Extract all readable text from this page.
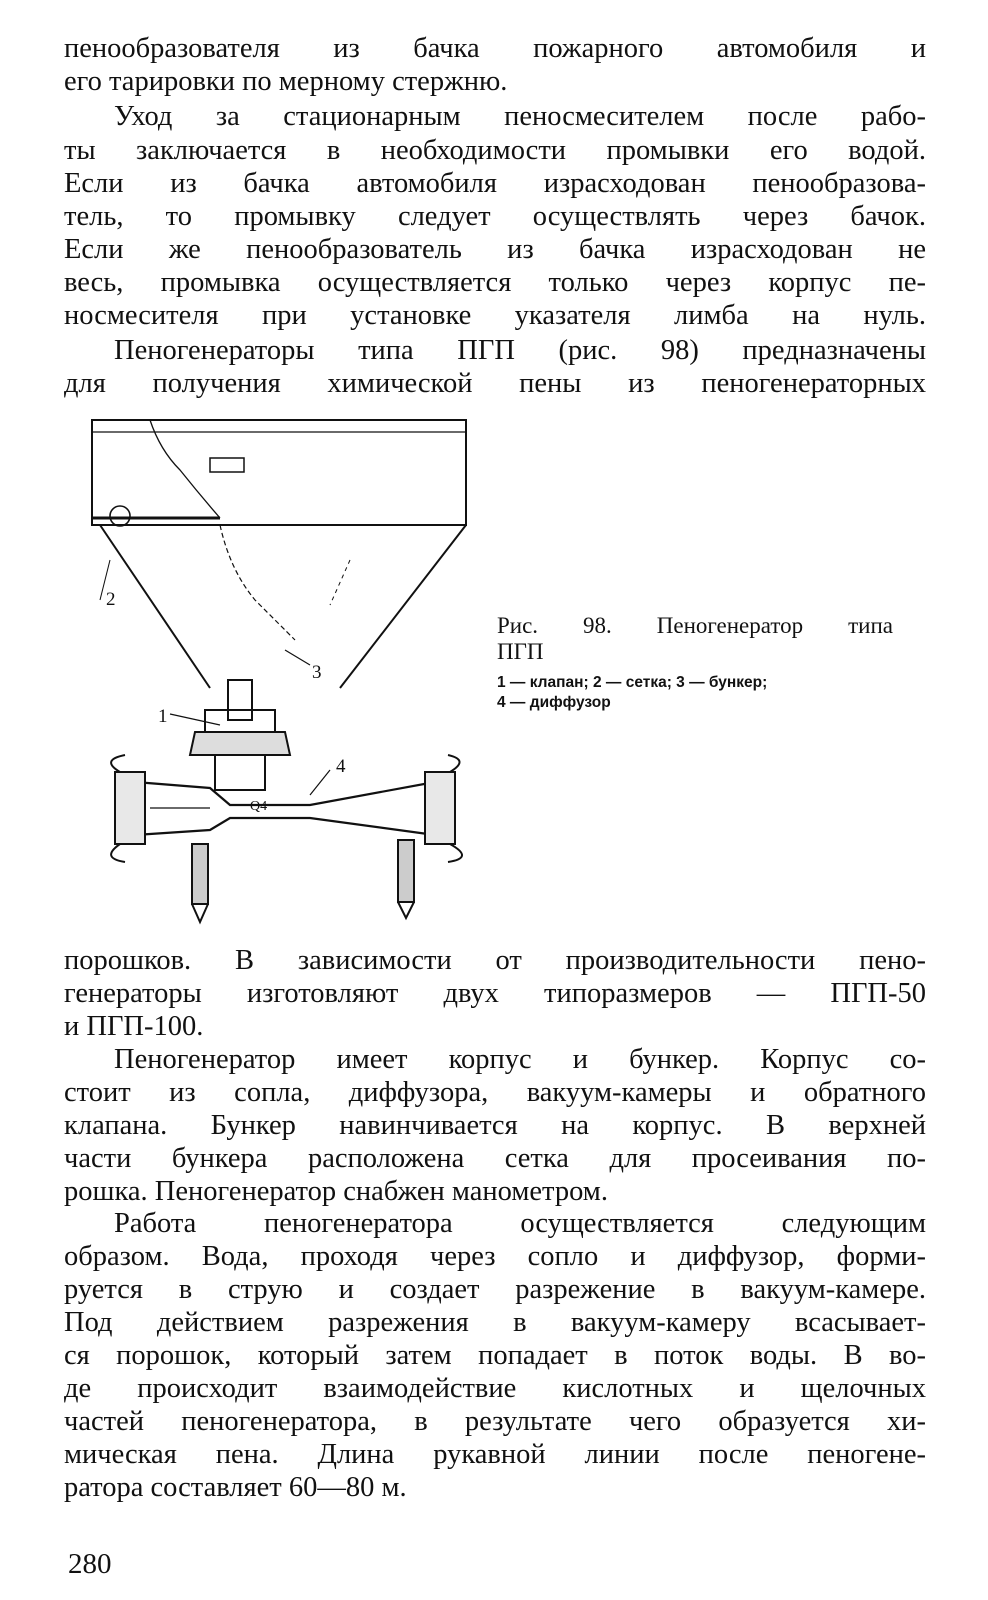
пенообразователя из бачка пожарного автомобиля и
его тарировки по мерному стержню.
Уход за стационарным пеносмесителем после рабо-
ты заключается в необходимости промывки его водой.
Если из бачка автомобиля израсходован пенообразова-
тель, то промывку следует осуществлять через бачок.
Если же пенообразователь из бачка израсходован не
весь, промывка осуществляется только через корпус пе-
носмесителя при установке указателя лимба на нуль.
Пеногенераторы типа ПГП (рис. 98) предназначены
для получения химической пены из пеногенераторных
порошков. В зависимости от производительности пено-
генераторы изготовляют двух типоразмеров — ПГП-50
и ПГП-100.
1
2
3
4
Q4
Рис. 98. Пеногенератор типа
ПГП
1 — клапан; 2 — сетка; 3 — бункер;
4 — диффузор
Пеногенератор имеет корпус и бункер. Корпус со-
стоит из сопла, диффузора, вакуум-камеры и обратного
клапана. Бункер навинчивается на корпус. В верхней
части бункера расположена сетка для просеивания по-
рошка. Пеногенератор снабжен манометром.
Работа пеногенератора осуществляется следующим
образом. Вода, проходя через сопло и диффузор, форми-
руется в струю и создает разрежение в вакуум-камере.
Под действием разрежения в вакуум-камеру всасывает-
ся порошок, который затем попадает в поток воды. В во-
де происходит взаимодействие кислотных и щелочных
частей пеногенератора, в результате чего образуется хи-
мическая пена. Длина рукавной линии после пеногене-
ратора составляет 60—80 м.
280
